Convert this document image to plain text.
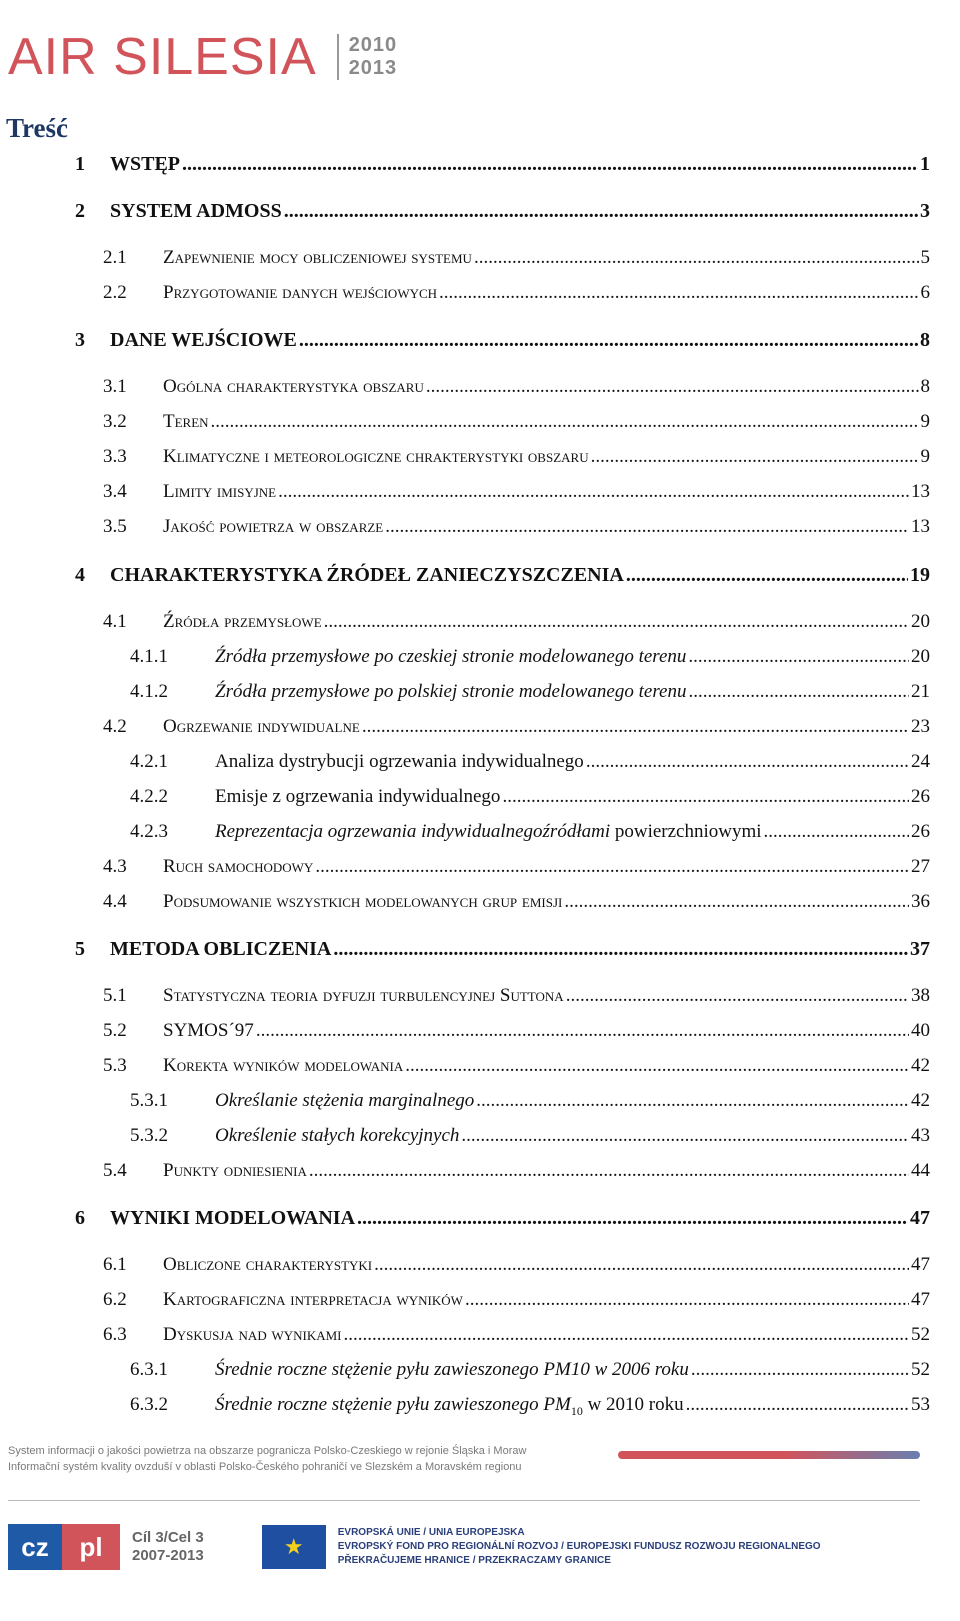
AIR SILESIA 2010
2013
Treść
1 WSTĘP .....	1
2 SYSTEM ADMOSS .....	3
2.1 Zapewnienie mocy obliczeniowej systemu .....	5
2.2 Przygotowanie danych wejściowych .....	6
3 DANE WEJŚCIOWE .....	8
3.1 Ogólna charakterystyka obszaru .....	8
3.2 Teren .....	9
3.3 Klimatyczne i meteorologiczne chrakterystyki obszaru .....	9
3.4 Limity imisyjne .....	13
3.5 Jakość powietrza w obszarze .....	13
4 CHARAKTERYSTYKA ŹRÓDEŁ ZANIECZYSZCZENIA .....	19
4.1 Źródła przemysłowe .....	20
4.1.1 Źródła przemysłowe po czeskiej stronie modelowanego terenu .....	20
4.1.2 Źródła przemysłowe po polskiej stronie modelowanego terenu .....	21
4.2 Ogrzewanie indywidualne .....	23
4.2.1 Analiza dystrybucji ogrzewania indywidualnego .....	24
4.2.2 Emisje z ogrzewania indywidualnego .....	26
4.2.3 Reprezentacja ogrzewania indywidualnegoźródłami powierzchniowymi .....	26
4.3 Ruch samochodowy .....	27
4.4 Podsumowanie wszystkich modelowanych grup emisji .....	36
5 METODA OBLICZENIA .....	37
5.1 Statystyczna teoria dyfuzji turbulencyjnej Suttona .....	38
5.2 SYMOS´97 .....	40
5.3 Korekta wyników modelowania .....	42
5.3.1 Określanie stężenia marginalnego .....	42
5.3.2 Określenie stałych korekcyjnych .....	43
5.4 Punkty odniesienia .....	44
6 WYNIKI MODELOWANIA .....	47
6.1 Obliczone charakterystyki .....	47
6.2 Kartograficzna interpretacja wyników .....	47
6.3 Dyskusja nad wynikami .....	52
6.3.1 Średnie roczne stężenie pyłu zawieszonego PM10 w 2006 roku .....	52
6.3.2 Średnie roczne stężenie pyłu zawieszonego $PM_{10}$ w 2010 roku .....	53
System informacji o jakości powietrza na obszarze pogranicza Polsko-Czeskiego w rejonie Śląska i Moraw
Informační systém kvality ovzduší v oblasti Polsko-Českého pohraničí ve Slezském a Moravském regionu
cz	pl	Cíl 3/Cel 3
2007-2013	★
EVROPSKÁ UNIE / UNIA EUROPEJSKA
EVROPSKÝ FOND PRO REGIONÁLNÍ ROZVOJ / EUROPEJSKI FUNDUSZ ROZWOJU REGIONALNEGO
PŘEKRAČUJEME HRANICE / PRZEKRACZAMY GRANICE
